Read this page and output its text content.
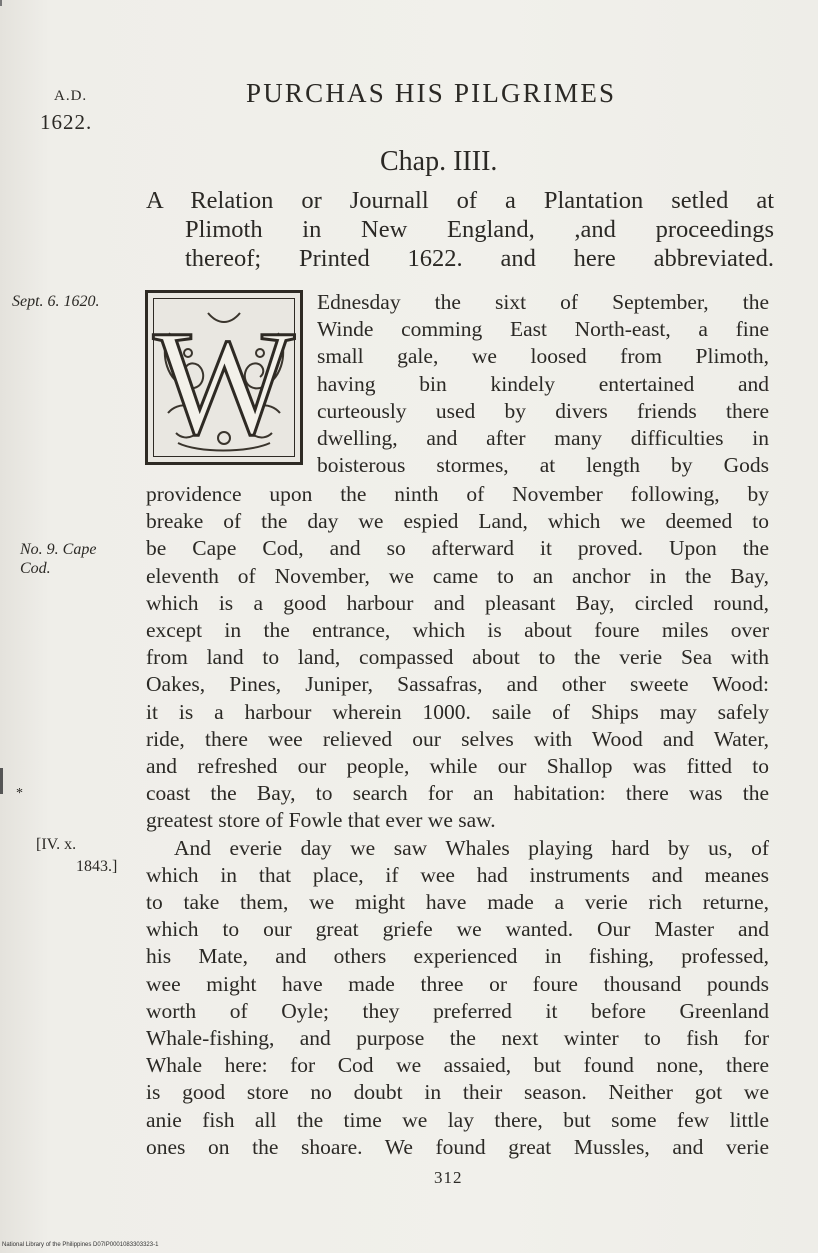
A.D.
1622.
PURCHAS HIS PILGRIMES
Chap. IIII.
A Relation or Journall of a Plantation setled at
Plimoth in New England, ,and proceedings
thereof; Printed 1622. and here abbreviated.
Sept. 6. 1620.
No. 9. Cape
Cod.
*
[IV. x.
1843.]
W Ednesday the sixt of September, the
Winde comming East North-east, a fine
small gale, we loosed from Plimoth,
having bin kindely entertained and
curteously used by divers friends there
dwelling, and after many difficulties in
boisterous stormes, at length by Gods
providence upon the ninth of November following, by
breake of the day we espied Land, which we deemed to
be Cape Cod, and so afterward it proved. Upon the
eleventh of November, we came to an anchor in the Bay,
which is a good harbour and pleasant Bay, circled round,
except in the entrance, which is about foure miles over
from land to land, compassed about to the verie Sea with
Oakes, Pines, Juniper, Sassafras, and other sweete Wood:
it is a harbour wherein 1000. saile of Ships may safely
ride, there wee relieved our selves with Wood and Water,
and refreshed our people, while our Shallop was fitted to
coast the Bay, to search for an habitation: there was the
greatest store of Fowle that ever we saw.
And everie day we saw Whales playing hard by us, of
which in that place, if wee had instruments and meanes
to take them, we might have made a verie rich returne,
which to our great griefe we wanted. Our Master and
his Mate, and others experienced in fishing, professed,
wee might have made three or foure thousand pounds
worth of Oyle; they preferred it before Greenland
Whale-fishing, and purpose the next winter to fish for
Whale here: for Cod we assaied, but found none, there
is good store no doubt in their season. Neither got we
anie fish all the time we lay there, but some few little
ones on the shoare. We found great Mussles, and verie
312
National Library of the Philippines D07IP0001083303323-1
